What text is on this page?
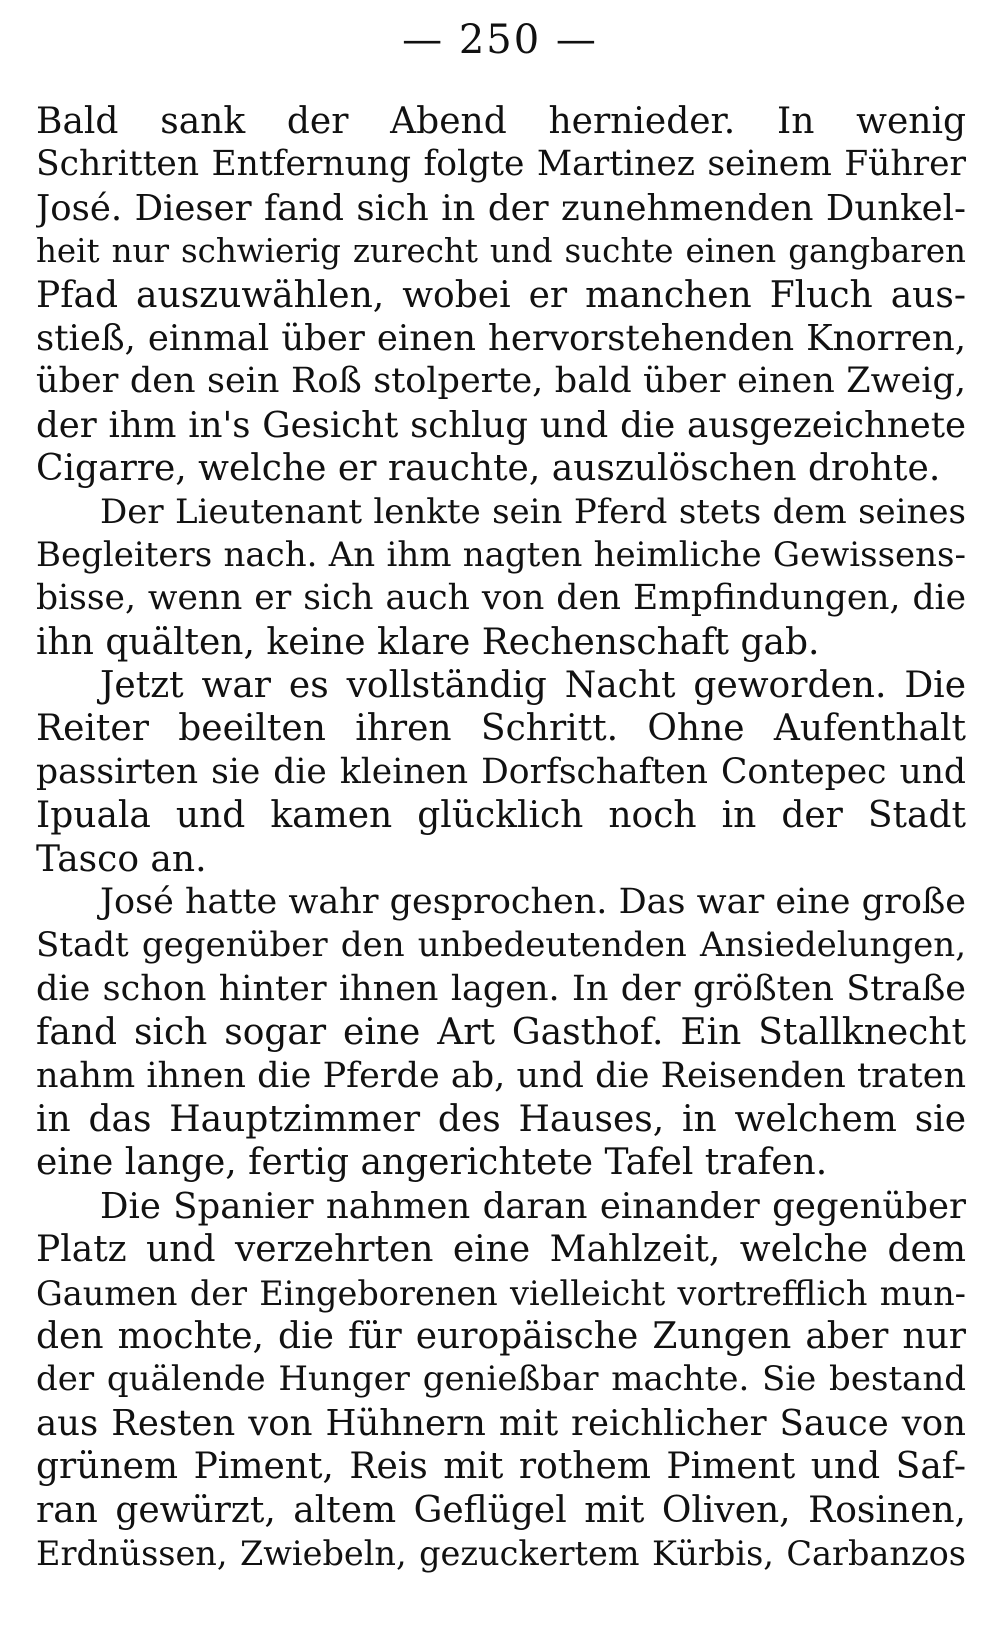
— 250 —
Bald sank der Abend hernieder. In wenig
Schritten Entfernung folgte Martinez seinem Führer
José. Dieser fand sich in der zunehmenden Dunkel-
heit nur schwierig zurecht und suchte einen gangbaren
Pfad auszuwählen, wobei er manchen Fluch aus-
stieß, einmal über einen hervorstehenden Knorren,
über den sein Roß stolperte, bald über einen Zweig,
der ihm in's Gesicht schlug und die ausgezeichnete
Cigarre, welche er rauchte, auszulöschen drohte.
Der Lieutenant lenkte sein Pferd stets dem seines
Begleiters nach. An ihm nagten heimliche Gewissens-
bisse, wenn er sich auch von den Empfindungen, die
ihn quälten, keine klare Rechenschaft gab.
Jetzt war es vollständig Nacht geworden. Die
Reiter beeilten ihren Schritt. Ohne Aufenthalt
passirten sie die kleinen Dorfschaften Contepec und
Ipuala und kamen glücklich noch in der Stadt
Tasco an.
José hatte wahr gesprochen. Das war eine große
Stadt gegenüber den unbedeutenden Ansiedelungen,
die schon hinter ihnen lagen. In der größten Straße
fand sich sogar eine Art Gasthof. Ein Stallknecht
nahm ihnen die Pferde ab, und die Reisenden traten
in das Hauptzimmer des Hauses, in welchem sie
eine lange, fertig angerichtete Tafel trafen.
Die Spanier nahmen daran einander gegenüber
Platz und verzehrten eine Mahlzeit, welche dem
Gaumen der Eingeborenen vielleicht vortrefflich mun-
den mochte, die für europäische Zungen aber nur
der quälende Hunger genießbar machte. Sie bestand
aus Resten von Hühnern mit reichlicher Sauce von
grünem Piment, Reis mit rothem Piment und Saf-
ran gewürzt, altem Geflügel mit Oliven, Rosinen,
Erdnüssen, Zwiebeln, gezuckertem Kürbis, Carbanzos
